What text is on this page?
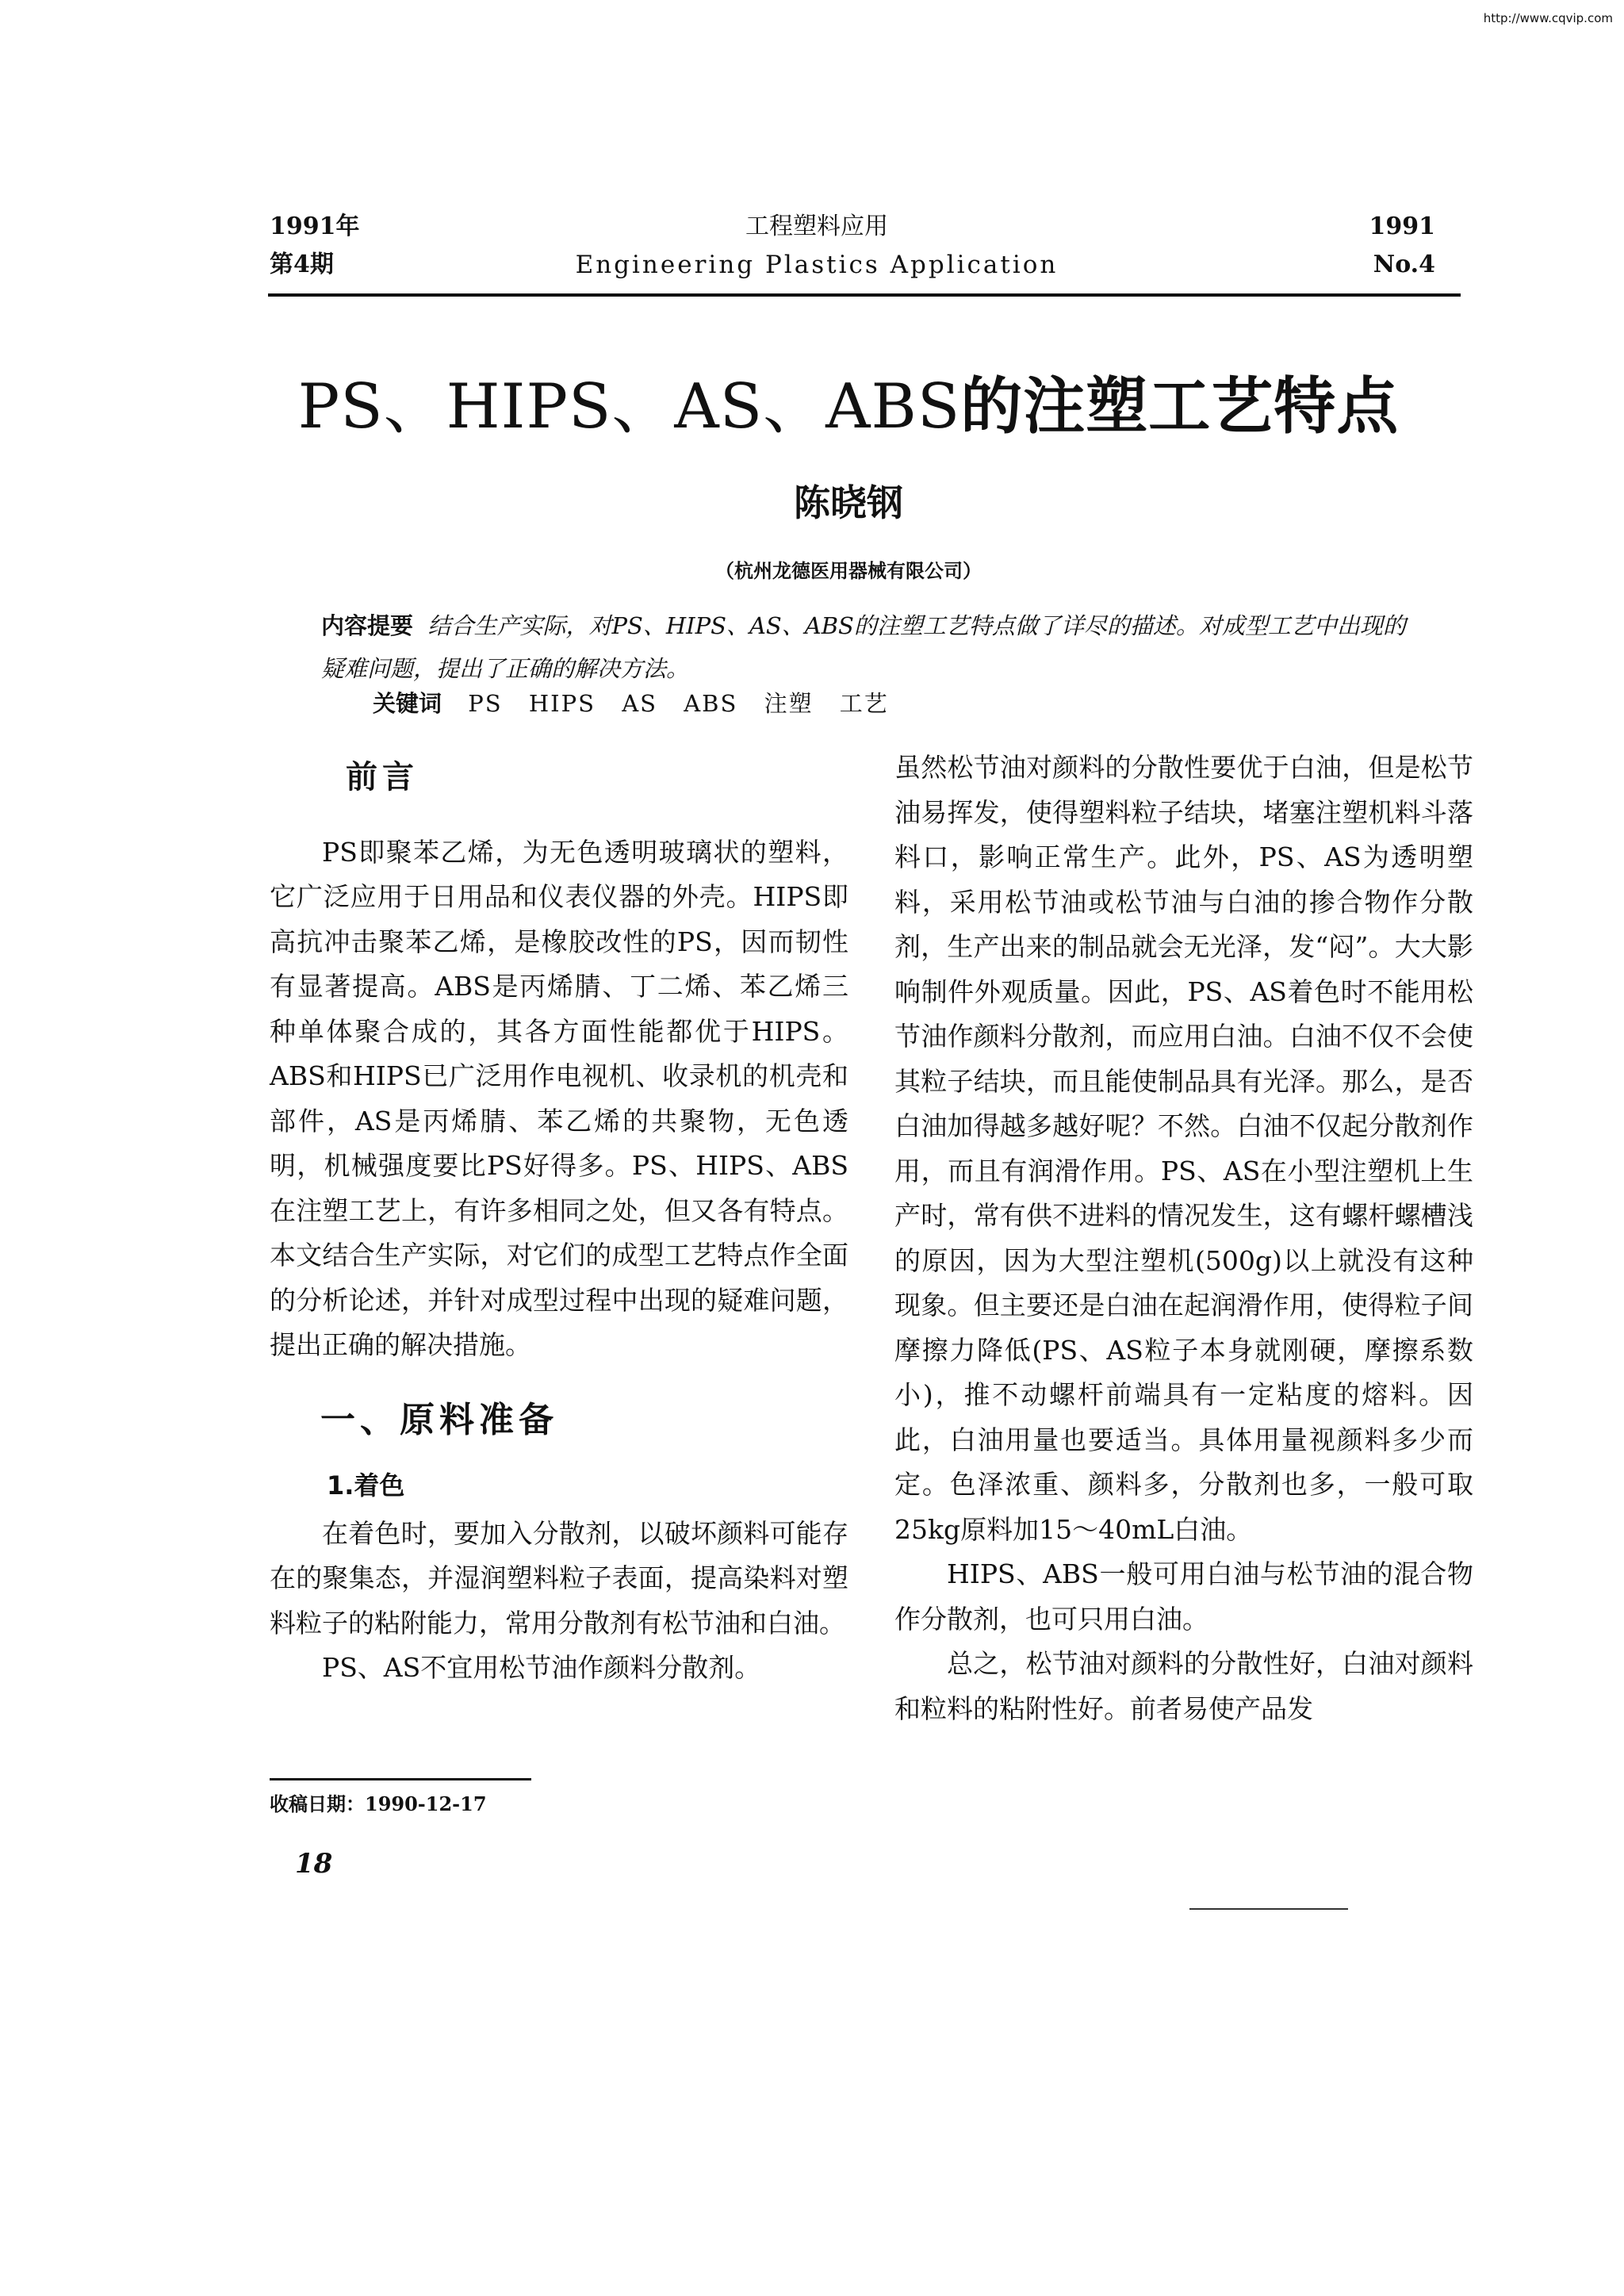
http://www.cqvip.com
1991年
第4期
工程塑料应用
Engineering Plastics Application
1991
No.4
PS、HIPS、AS、ABS的注塑工艺特点
陈晓钢
（杭州龙德医用器械有限公司）
内容提要 结合生产实际，对PS、HIPS、AS、ABS的注塑工艺特点做了详尽的描述。对成型工艺中出现的疑难问题，提出了正确的解决方法。
关键词 PS HIPS AS ABS 注塑 工艺
前言

PS即聚苯乙烯，为无色透明玻璃状的塑料，它广泛应用于日用品和仪表仪器的外壳。HIPS即高抗冲击聚苯乙烯，是橡胶改性的PS，因而韧性有显著提高。ABS是丙烯腈、丁二烯、苯乙烯三种单体聚合成的，其各方面性能都优于HIPS。ABS和HIPS已广泛用作电视机、收录机的机壳和部件，AS是丙烯腈、苯乙烯的共聚物，无色透明，机械强度要比PS好得多。PS、HIPS、ABS在注塑工艺上，有许多相同之处，但又各有特点。本文结合生产实际，对它们的成型工艺特点作全面的分析论述，并针对成型过程中出现的疑难问题，提出正确的解决措施。

一、原料准备
1.着色

在着色时，要加入分散剂，以破坏颜料可能存在的聚集态，并湿润塑料粒子表面，提高染料对塑料粒子的粘附能力，常用分散剂有松节油和白油。

PS、AS不宜用松节油作颜料分散剂。

虽然松节油对颜料的分散性要优于白油，但是松节油易挥发，使得塑料粒子结块，堵塞注塑机料斗落料口，影响正常生产。此外，PS、AS为透明塑料，采用松节油或松节油与白油的掺合物作分散剂，生产出来的制品就会无光泽，发“闷”。大大影响制件外观质量。因此，PS、AS着色时不能用松节油作颜料分散剂，而应用白油。白油不仅不会使其粒子结块，而且能使制品具有光泽。那么，是否白油加得越多越好呢？不然。白油不仅起分散剂作用，而且有润滑作用。PS、AS在小型注塑机上生产时，常有供不进料的情况发生，这有螺杆螺槽浅的原因，因为大型注塑机(500g)以上就没有这种现象。但主要还是白油在起润滑作用，使得粒子间摩擦力降低(PS、AS粒子本身就刚硬，摩擦系数小)，推不动螺杆前端具有一定粘度的熔料。因此，白油用量也要适当。具体用量视颜料多少而定。色泽浓重、颜料多，分散剂也多，一般可取25kg原料加15～40mL白油。

HIPS、ABS一般可用白油与松节油的混合物作分散剂，也可只用白油。

总之，松节油对颜料的分散性好，白油对颜料和粒料的粘附性好。前者易使产品发

收稿日期：1990-12-17
18
